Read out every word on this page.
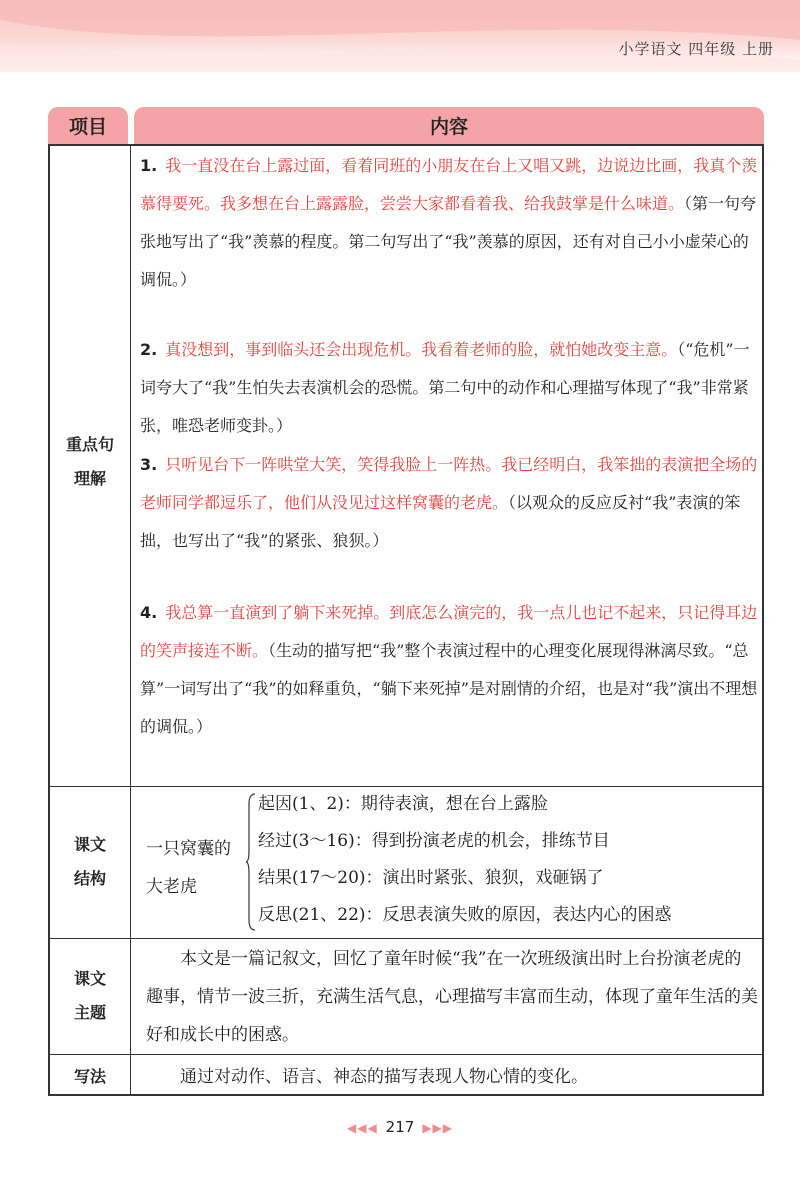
小学语文 四年级 上册
项目	内容
重点句
理解
1. 我一直没在台上露过面，看着同班的小朋友在台上又唱又跳，边说边比画，我真个羡慕得要死。我多想在台上露露脸，尝尝大家都看着我、给我鼓掌是什么味道。（第一句夸张地写出了“我”羡慕的程度。第二句写出了“我”羡慕的原因，还有对自己小小虚荣心的调侃。）
2. 真没想到，事到临头还会出现危机。我看着老师的脸，就怕她改变主意。（“危机”一词夸大了“我”生怕失去表演机会的恐慌。第二句中的动作和心理描写体现了“我”非常紧张，唯恐老师变卦。）
3. 只听见台下一阵哄堂大笑，笑得我脸上一阵热。我已经明白，我笨拙的表演把全场的老师同学都逗乐了，他们从没见过这样窝囊的老虎。（以观众的反应反衬“我”表演的笨拙，也写出了“我”的紧张、狼狈。）
4. 我总算一直演到了躺下来死掉。到底怎么演完的，我一点儿也记不起来，只记得耳边的笑声接连不断。（生动的描写把“我”整个表演过程中的心理变化展现得淋漓尽致。“总算”一词写出了“我”的如释重负，“躺下来死掉”是对剧情的介绍，也是对“我”演出不理想的调侃。）
课文
结构
一只窝囊的
大老虎
起因(1、2)：期待表演，想在台上露脸
经过(3～16)：得到扮演老虎的机会，排练节目
结果(17～20)：演出时紧张、狼狈，戏砸锅了
反思(21、22)：反思表演失败的原因，表达内心的困惑
课文
主题
本文是一篇记叙文，回忆了童年时候“我”在一次班级演出时上台扮演老虎的趣事，情节一波三折，充满生活气息，心理描写丰富而生动，体现了童年生活的美好和成长中的困惑。
写法	通过对动作、语言、神态的描写表现人物心情的变化。
◀◀◀ 217 ▶▶▶
